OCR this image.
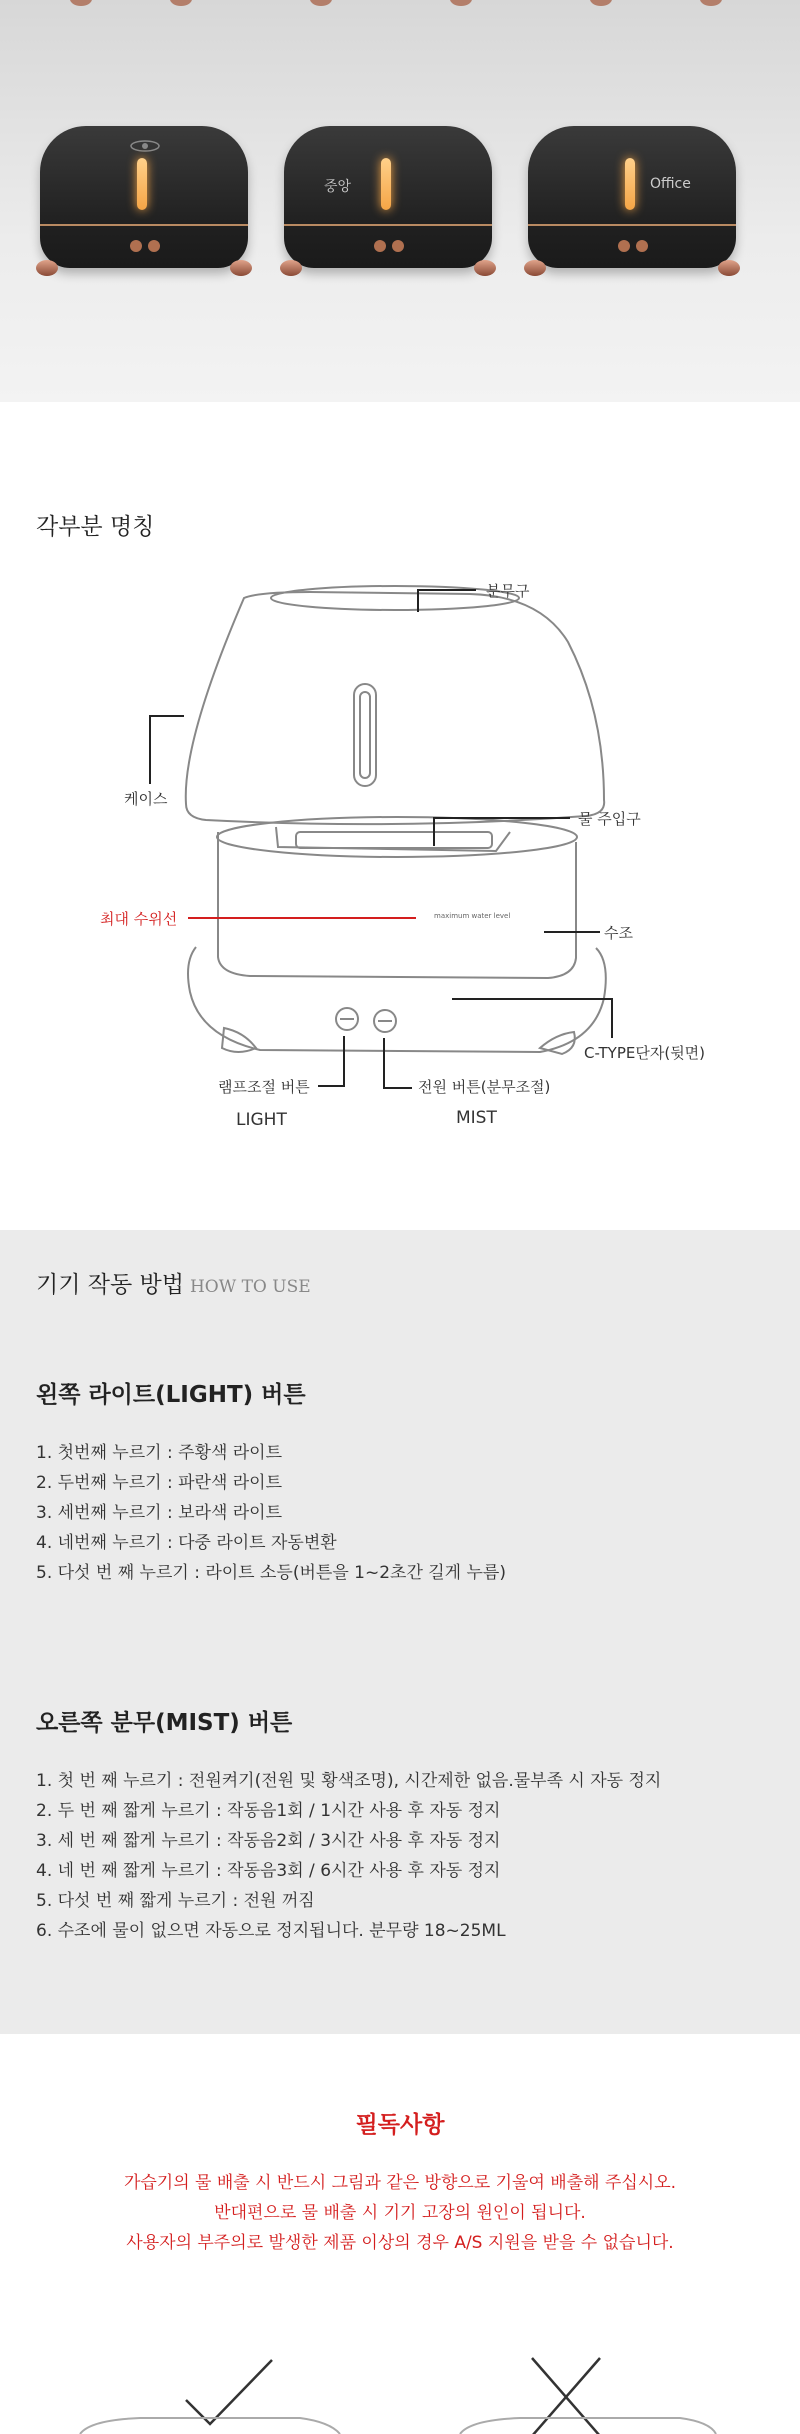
중앙	Office
각부분 명칭
분무구
케이스
물 주입구
최대 수위선	maximum water level
수조
C-TYPE단자(뒷면)
램프조절 버튼
LIGHT
전원 버튼(분무조절)
MIST
기기 작동 방법 HOW TO USE
왼쪽 라이트(LIGHT) 버튼
1. 첫번째 누르기 : 주황색 라이트
2. 두번째 누르기 : 파란색 라이트
3. 세번째 누르기 : 보라색 라이트
4. 네번째 누르기 : 다중 라이트 자동변환
5. 다섯 번 째 누르기 : 라이트 소등(버튼을 1~2초간 길게 누름)
오른쪽 분무(MIST) 버튼
1. 첫 번 째 누르기 : 전원켜기(전원 및 황색조명), 시간제한 없음.물부족 시 자동 정지
2. 두 번 째 짧게 누르기 : 작동음1회 / 1시간 사용 후 자동 정지
3. 세 번 째 짧게 누르기 : 작동음2회 / 3시간 사용 후 자동 정지
4. 네 번 째 짧게 누르기 : 작동음3회 / 6시간 사용 후 자동 정지
5. 다섯 번 째 짧게 누르기 : 전원 꺼짐
6. 수조에 물이 없으면 자동으로 정지됩니다. 분무량 18~25ML
필독사항
가습기의 물 배출 시 반드시 그림과 같은 방향으로 기울여 배출해 주십시오.
반대편으로 물 배출 시 기기 고장의 원인이 됩니다.
사용자의 부주의로 발생한 제품 이상의 경우 A/S 지원을 받을 수 없습니다.
